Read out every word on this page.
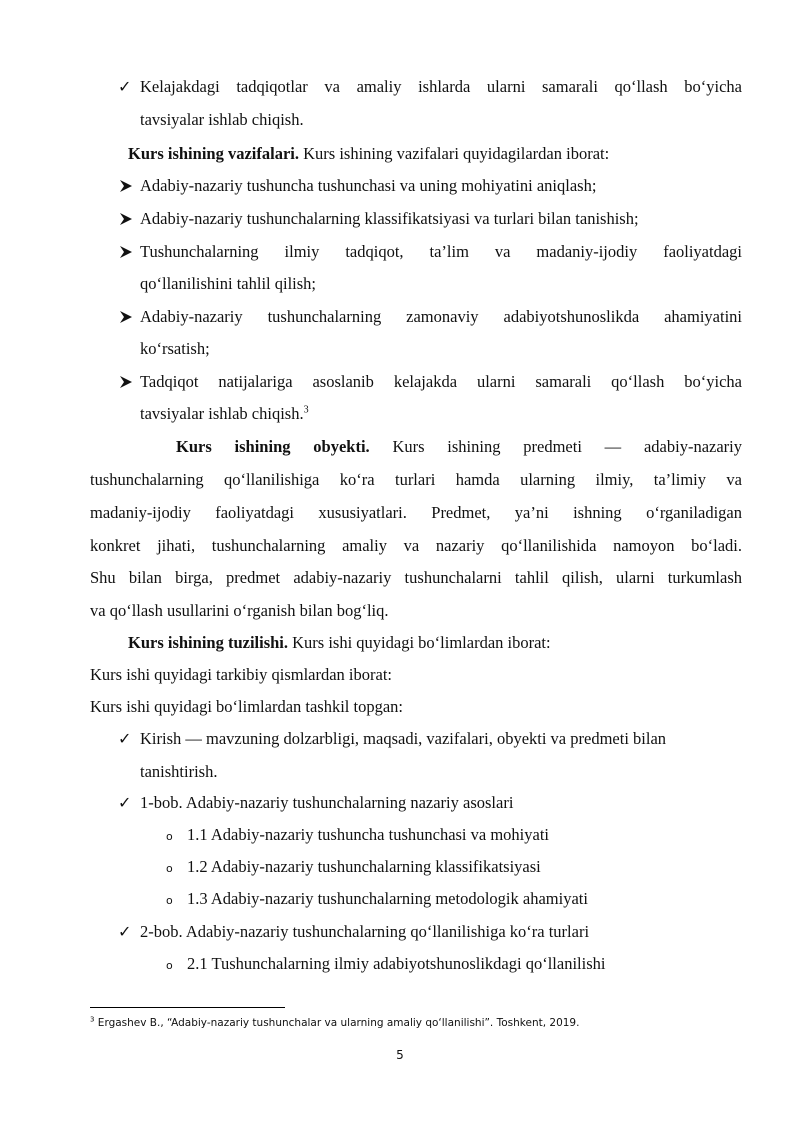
✓ Kelajakdagi tadqiqotlar va amaliy ishlarda ularni samarali qo‘llash bo‘yicha
tavsiyalar ishlab chiqish.
Kurs ishining vazifalari. Kurs ishining vazifalari quyidagilardan iborat:
Adabiy-nazariy tushuncha tushunchasi va uning mohiyatini aniqlash;
Adabiy-nazariy tushunchalarning klassifikatsiyasi va turlari bilan tanishish;
Tushunchalarning ilmiy tadqiqot, ta’lim va madaniy-ijodiy faoliyatdagi
qo‘llanilishini tahlil qilish;
Adabiy-nazariy tushunchalarning zamonaviy adabiyotshunoslikda ahamiyatini
ko‘rsatish;
Tadqiqot natijalariga asoslanib kelajakda ularni samarali qo‘llash bo‘yicha
tavsiyalar ishlab chiqish.$^3$
Kurs ishining obyekti. Kurs ishining predmeti — adabiy-nazariy
tushunchalarning qo‘llanilishiga ko‘ra turlari hamda ularning ilmiy, ta’limiy va
madaniy-ijodiy faoliyatdagi xususiyatlari. Predmet, ya’ni ishning o‘rganiladigan
konkret jihati, tushunchalarning amaliy va nazariy qo‘llanilishida namoyon bo‘ladi.
Shu bilan birga, predmet adabiy-nazariy tushunchalarni tahlil qilish, ularni turkumlash
va qo‘llash usullarini o‘rganish bilan bog‘liq.
Kurs ishining tuzilishi. Kurs ishi quyidagi bo‘limlardan iborat:
Kurs ishi quyidagi tarkibiy qismlardan iborat:
Kurs ishi quyidagi bo‘limlardan tashkil topgan:
✓ Kirish — mavzuning dolzarbligi, maqsadi, vazifalari, obyekti va predmeti bilan
tanishtirish.
✓ 1-bob. Adabiy-nazariy tushunchalarning nazariy asoslari
o 1.1 Adabiy-nazariy tushuncha tushunchasi va mohiyati
o 1.2 Adabiy-nazariy tushunchalarning klassifikatsiyasi
o 1.3 Adabiy-nazariy tushunchalarning metodologik ahamiyati
✓ 2-bob. Adabiy-nazariy tushunchalarning qo‘llanilishiga ko‘ra turlari
o 2.1 Tushunchalarning ilmiy adabiyotshunoslikdagi qo‘llanilishi
$^3$ Ergashev B., “Adabiy-nazariy tushunchalar va ularning amaliy qo‘llanilishi”. Toshkent, 2019.
5
